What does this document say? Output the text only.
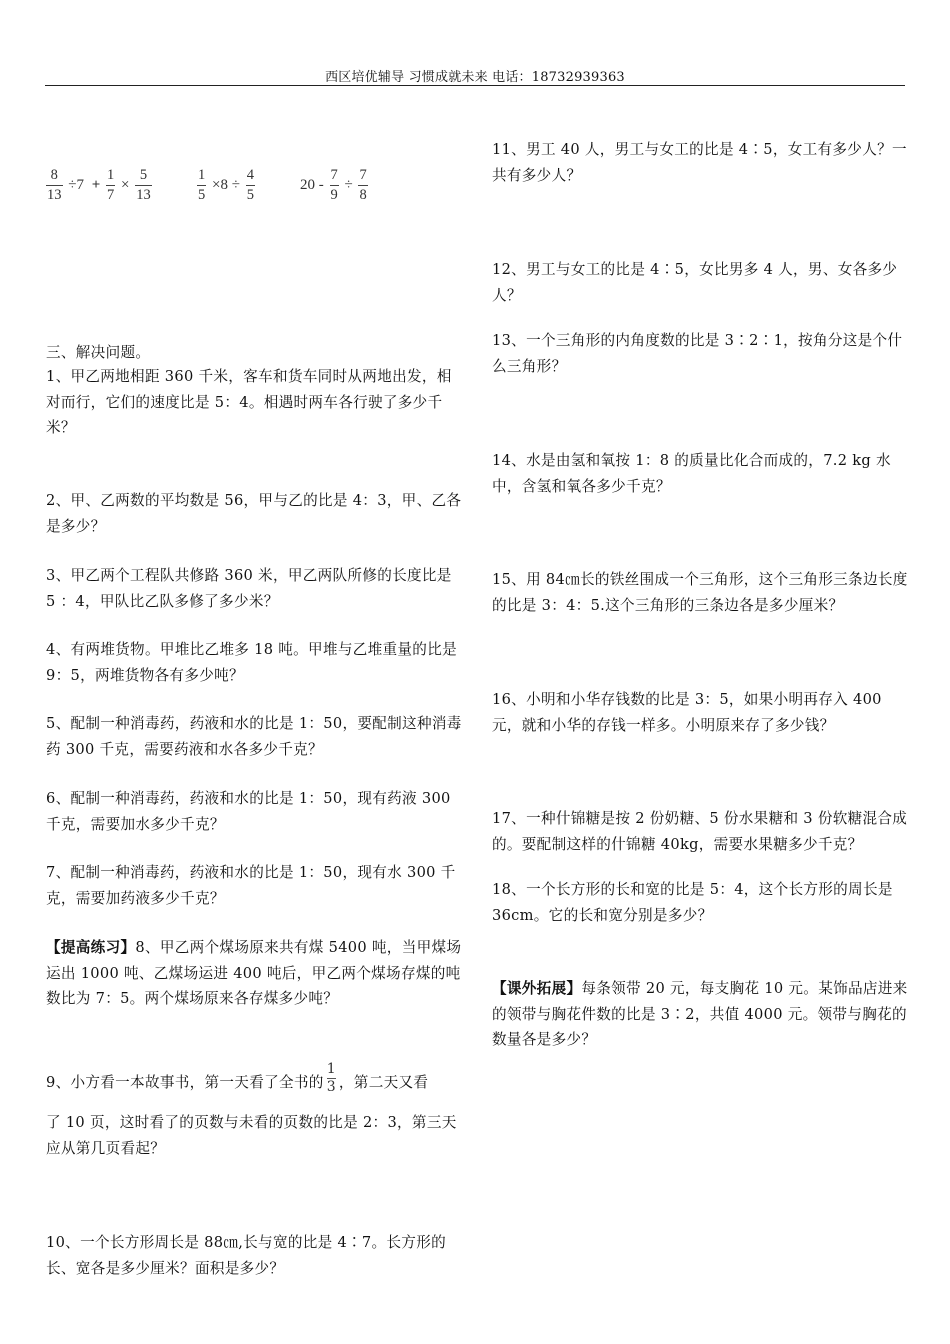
西区培优辅导 习惯成就未来 电话：18732939363
$\frac{8}{13} \div 7 + \frac{1}{7} \times \frac{5}{13}$	$\frac{1}{5} \times 8 \div \frac{4}{5}$	$20 - \frac{7}{9} \div \frac{7}{8}$

三、解决问题。

1、甲乙两地相距 360 千米，客车和货车同时从两地出发，相对而行，它们的速度比是 5：4。相遇时两车各行驶了多少千米？

2、甲、乙两数的平均数是 56，甲与乙的比是 4：3，甲、乙各是多少？

3、甲乙两个工程队共修路 360 米，甲乙两队所修的长度比是 5 ：4，甲队比乙队多修了多少米？

4、有两堆货物。甲堆比乙堆多 18 吨。甲堆与乙堆重量的比是 9：5，两堆货物各有多少吨？

5、配制一种消毒药，药液和水的比是 1：50，要配制这种消毒药 300 千克，需要药液和水各多少千克？

6、配制一种消毒药，药液和水的比是 1：50，现有药液 300 千克，需要加水多少千克？

7、配制一种消毒药，药液和水的比是 1：50，现有水 300 千克，需要加药液多少千克？

【提高练习】8、甲乙两个煤场原来共有煤 5400 吨，当甲煤场运出 1000 吨、乙煤场运进 400 吨后，甲乙两个煤场存煤的吨数比为 7：5。两个煤场原来各存煤多少吨？

9、小方看一本故事书，第一天看了全书的 $\frac{1}{3}$ ，第二天又看

了 10 页，这时看了的页数与未看的页数的比是 2：3，第三天应从第几页看起？

10、一个长方形周长是 88㎝,长与宽的比是 4∶7。长方形的长、宽各是多少厘米？面积是多少？

11、男工 40 人，男工与女工的比是 4∶5，女工有多少人？一共有多少人？

12、男工与女工的比是 4∶5，女比男多 4 人，男、女各多少人？

13、一个三角形的内角度数的比是 3∶2∶1，按角分这是个什么三角形？

14、水是由氢和氧按 1：8 的质量比化合而成的，7.2 kg 水中，含氢和氧各多少千克？

15、用 84㎝长的铁丝围成一个三角形，这个三角形三条边长度的比是 3：4：5.这个三角形的三条边各是多少厘米？

16、小明和小华存钱数的比是 3：5，如果小明再存入 400 元，就和小华的存钱一样多。小明原来存了多少钱？

17、一种什锦糖是按 2 份奶糖、5 份水果糖和 3 份软糖混合成的。要配制这样的什锦糖 40kg，需要水果糖多少千克？

18、一个长方形的长和宽的比是 5：4，这个长方形的周长是 36cm。它的长和宽分别是多少？

【课外拓展】每条领带 20 元，每支胸花 10 元。某饰品店进来的领带与胸花件数的比是 3∶2，共值 4000 元。领带与胸花的数量各是多少？
